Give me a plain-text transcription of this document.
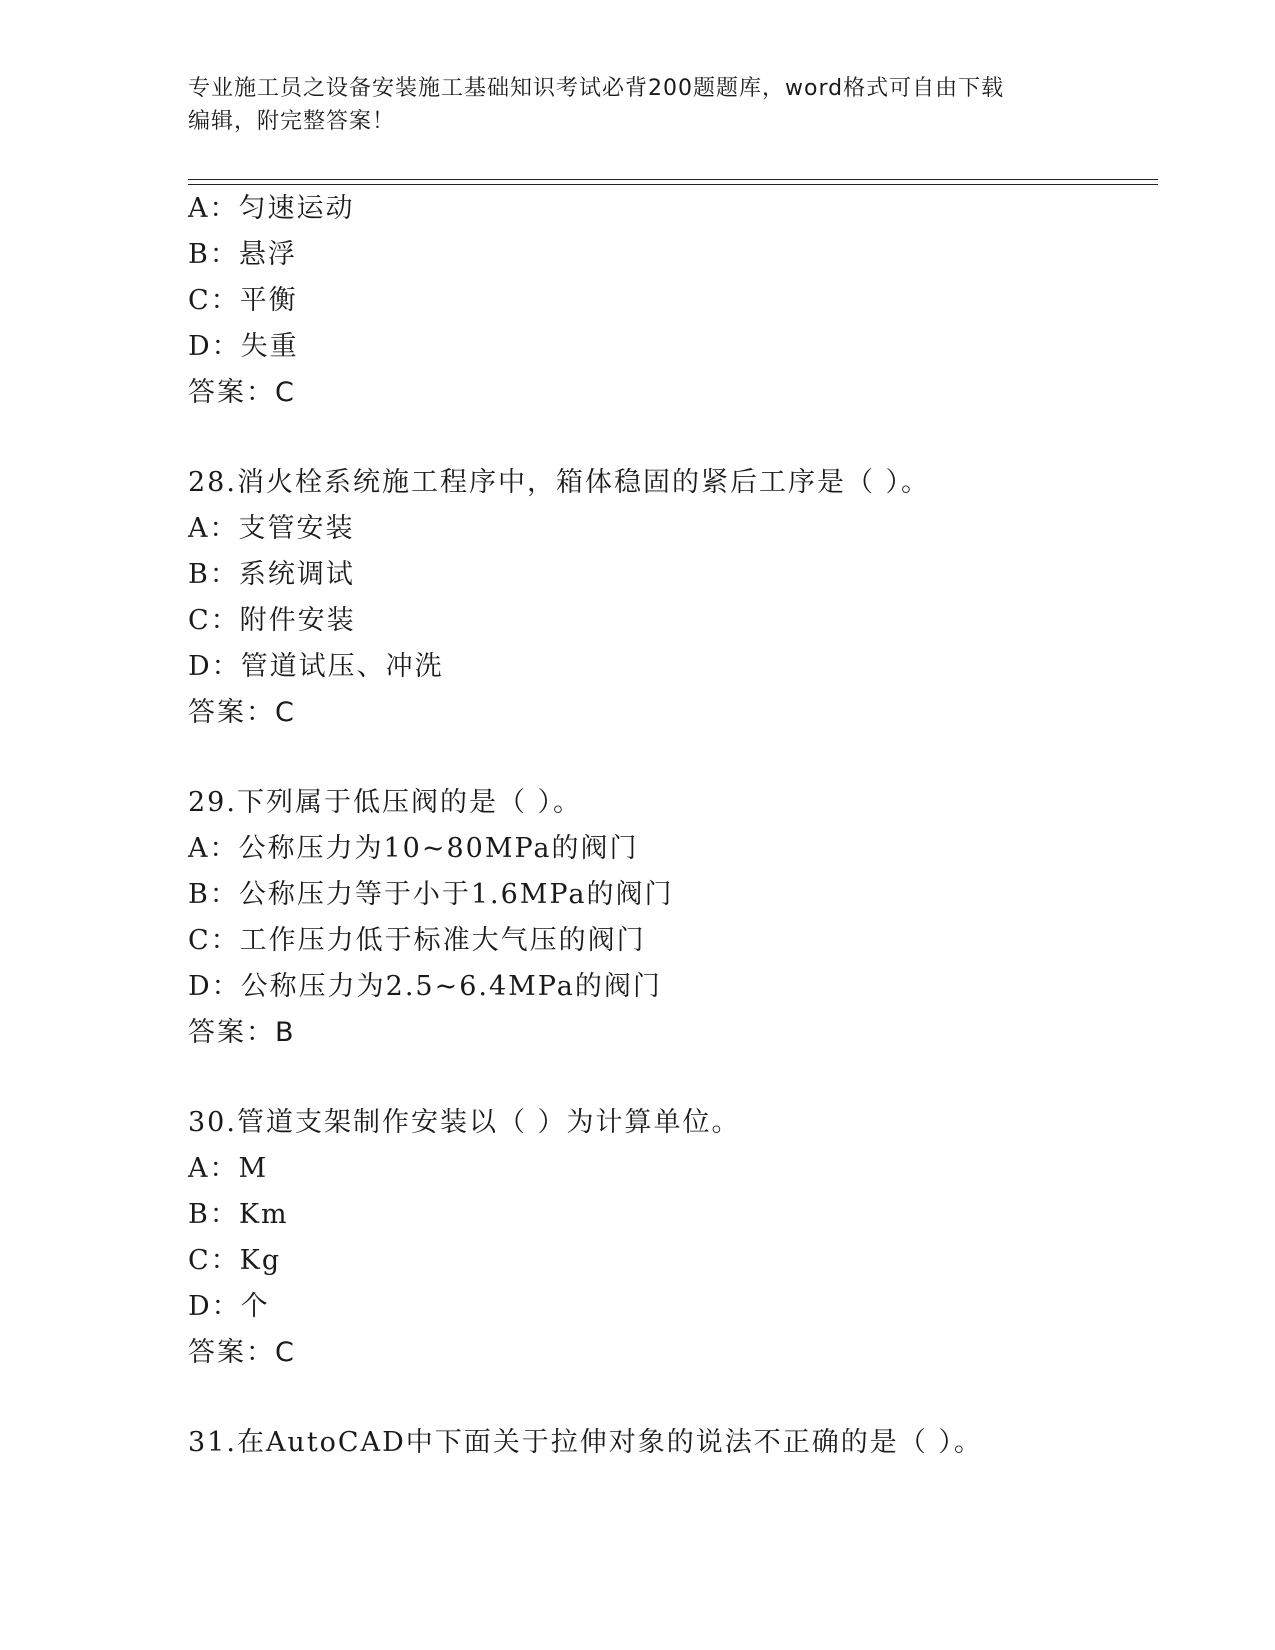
专业施工员之设备安装施工基础知识考试必背200题题库，word格式可自由下载
编辑，附完整答案！
A：匀速运动
B：悬浮
C：平衡
D：失重
答案：C
28.消火栓系统施工程序中，箱体稳固的紧后工序是（ ）。
A：支管安装
B：系统调试
C：附件安装
D：管道试压、冲洗
答案：C
29.下列属于低压阀的是（ ）。
A：公称压力为10~80MPa的阀门
B：公称压力等于小于1.6MPa的阀门
C：工作压力低于标准大气压的阀门
D：公称压力为2.5~6.4MPa的阀门
答案：B
30.管道支架制作安装以（ ）为计算单位。
A：M
B：Km
C：Kg
D：个
答案：C
31.在AutoCAD中下面关于拉伸对象的说法不正确的是（ ）。
